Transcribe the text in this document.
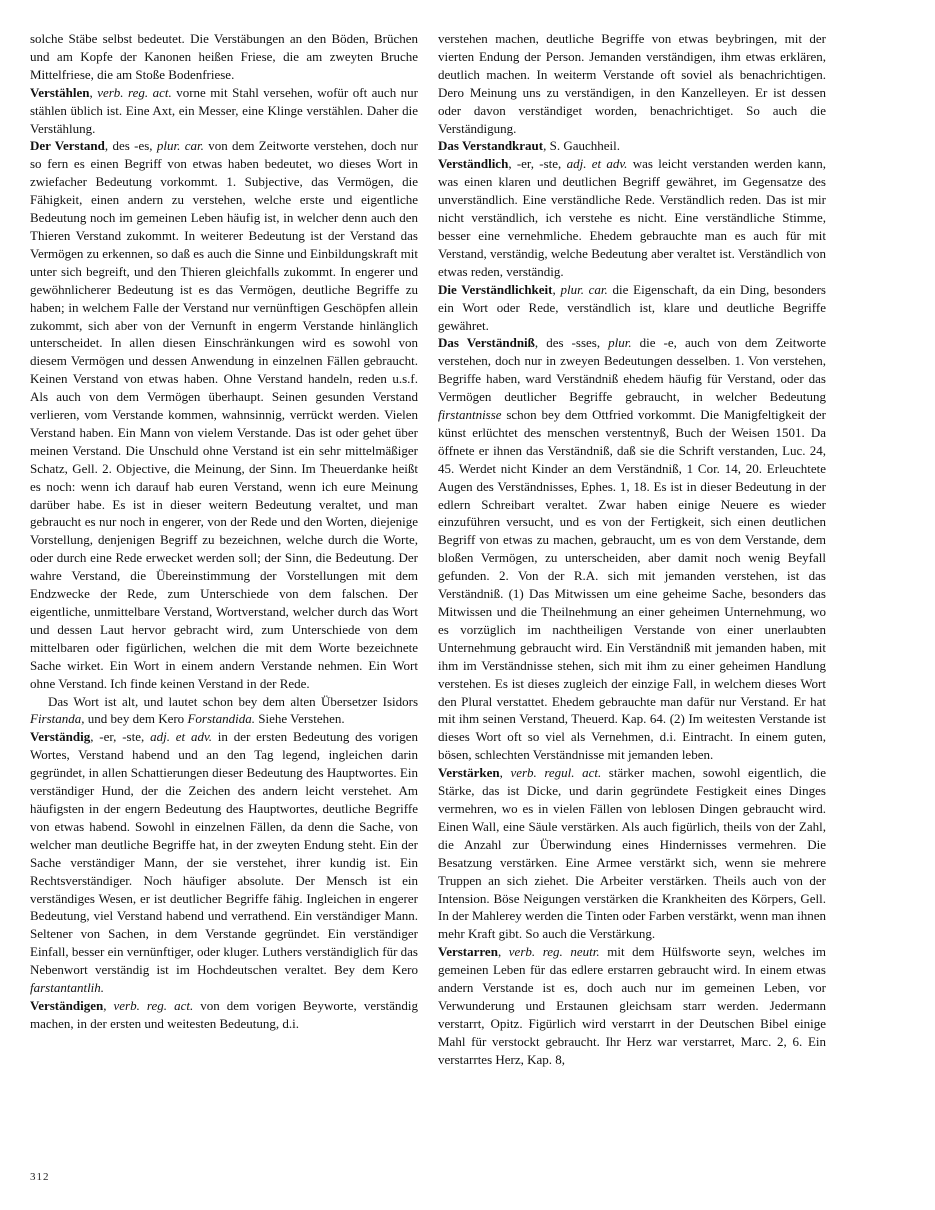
solche Stäbe selbst bedeutet. Die Verstäbungen an den Böden, Brüchen und am Kopfe der Kanonen heißen Friese, die am zweyten Bruche Mittelfriese, die am Stoße Bodenfriese.

Verstählen, verb. reg. act. vorne mit Stahl versehen, wofür oft auch nur stählen üblich ist. Eine Axt, ein Messer, eine Klinge verstählen. Daher die Verstählung.

Der Verstand, des -es, plur. car. von dem Zeitworte verstehen, doch nur so fern es einen Begriff von etwas haben bedeutet, wo dieses Wort in zwiefacher Bedeutung vorkommt. 1. Subjective, das Vermögen, die Fähigkeit, einen andern zu verstehen, welche erste und eigentliche Bedeutung noch im gemeinen Leben häufig ist, in welcher denn auch den Thieren Verstand zukommt. In weiterer Bedeutung ist der Verstand das Vermögen zu erkennen, so daß es auch die Sinne und Einbildungskraft mit unter sich begreift, und den Thieren gleichfalls zukommt. In engerer und gewöhnlicherer Bedeutung ist es das Vermögen, deutliche Begriffe zu haben; in welchem Falle der Verstand nur vernünftigen Geschöpfen allein zukommt, sich aber von der Vernunft in engerm Verstande hinlänglich unterscheidet. In allen diesen Einschränkungen wird es sowohl von diesem Vermögen und dessen Anwendung in einzelnen Fällen gebraucht. Keinen Verstand von etwas haben. Ohne Verstand handeln, reden u.s.f. Als auch von dem Vermögen überhaupt. Seinen gesunden Verstand verlieren, vom Verstande kommen, wahnsinnig, verrückt werden. Vielen Verstand haben. Ein Mann von vielem Verstande. Das ist oder gehet über meinen Verstand. Die Unschuld ohne Verstand ist ein sehr mittelmäßiger Schatz, Gell. 2. Objective, die Meinung, der Sinn. Im Theuerdanke heißt es noch: wenn ich darauf hab euren Verstand, wenn ich eure Meinung darüber habe. Es ist in dieser weitern Bedeutung veraltet, und man gebraucht es nur noch in engerer, von der Rede und den Worten, diejenige Vorstellung, denjenigen Begriff zu bezeichnen, welche durch die Worte, oder durch eine Rede erwecket werden soll; der Sinn, die Bedeutung. Der wahre Verstand, die Übereinstimmung der Vorstellungen mit dem Endzwecke der Rede, zum Unterschiede von dem falschen. Der eigentliche, unmittelbare Verstand, Wortverstand, welcher durch das Wort und dessen Laut hervor gebracht wird, zum Unterschiede von dem mittelbaren oder figürlichen, welchen die mit dem Worte bezeichnete Sache wirket. Ein Wort in einem andern Verstande nehmen. Ein Wort ohne Verstand. Ich finde keinen Verstand in der Rede.

Das Wort ist alt, und lautet schon bey dem alten Übersetzer Isidors Firstanda, und bey dem Kero Forstandida. Siehe Verstehen.

Verständig, -er, -ste, adj. et adv. in der ersten Bedeutung des vorigen Wortes, Verstand habend und an den Tag legend, ingleichen darin gegründet, in allen Schattierungen dieser Bedeutung des Hauptwortes. Ein verständiger Hund, der die Zeichen des andern leicht verstehet. Am häufigsten in der engern Bedeutung des Hauptwortes, deutliche Begriffe von etwas habend. Sowohl in einzelnen Fällen, da denn die Sache, von welcher man deutliche Begriffe hat, in der zweyten Endung steht. Ein der Sache verständiger Mann, der sie verstehet, ihrer kundig ist. Ein Rechtsverständiger. Noch häufiger absolute. Der Mensch ist ein verständiges Wesen, er ist deutlicher Begriffe fähig. Ingleichen in engerer Bedeutung, viel Verstand habend und verrathend. Ein verständiger Mann. Seltener von Sachen, in dem Verstande gegründet. Ein verständiger Einfall, besser ein vernünftiger, oder kluger. Luthers verständiglich für das Nebenwort verständig ist im Hochdeutschen veraltet. Bey dem Kero farstantantlih.

Verständigen, verb. reg. act. von dem vorigen Beyworte, verständig machen, in der ersten und weitesten Bedeutung, d.i.

verstehen machen, deutliche Begriffe von etwas beybringen, mit der vierten Endung der Person. Jemanden verständigen, ihm etwas erklären, deutlich machen. In weiterm Verstande oft soviel als benachrichtigen. Dero Meinung uns zu verständigen, in den Kanzelleyen. Er ist dessen oder davon verständiget worden, benachrichtiget. So auch die Verständigung.

Das Verstandkraut, S. Gauchheil.

Verständlich, -er, -ste, adj. et adv. was leicht verstanden werden kann, was einen klaren und deutlichen Begriff gewähret, im Gegensatze des unverständlich. Eine verständliche Rede. Verständlich reden. Das ist mir nicht verständlich, ich verstehe es nicht. Eine verständliche Stimme, besser eine vernehmliche. Ehedem gebrauchte man es auch für mit Verstand, verständig, welche Bedeutung aber veraltet ist. Verständlich von etwas reden, verständig.

Die Verständlichkeit, plur. car. die Eigenschaft, da ein Ding, besonders ein Wort oder Rede, verständlich ist, klare und deutliche Begriffe gewähret.

Das Verständniß, des -sses, plur. die -e, auch von dem Zeitworte verstehen, doch nur in zweyen Bedeutungen desselben. 1. Von verstehen, Begriffe haben, ward Verständniß ehedem häufig für Verstand, oder das Vermögen deutlicher Begriffe gebraucht, in welcher Bedeutung firstantnisse schon bey dem Ottfried vorkommt. Die Manigfeltigkeit der künst erlüchtet des menschen verstentnyß, Buch der Weisen 1501. Da öffnete er ihnen das Verständniß, daß sie die Schrift verstanden, Luc. 24, 45. Werdet nicht Kinder an dem Verständniß, 1 Cor. 14, 20. Erleuchtete Augen des Verständnisses, Ephes. 1, 18. Es ist in dieser Bedeutung in der edlern Schreibart veraltet. Zwar haben einige Neuere es wieder einzuführen versucht, und es von der Fertigkeit, sich einen deutlichen Begriff von etwas zu machen, gebraucht, um es von dem Verstande, dem bloßen Vermögen, zu unterscheiden, aber damit noch wenig Beyfall gefunden. 2. Von der R.A. sich mit jemanden verstehen, ist das Verständniß. (1) Das Mitwissen um eine geheime Sache, besonders das Mitwissen und die Theilnehmung an einer geheimen Unternehmung, wo es vorzüglich im nachtheiligen Verstande von einer unerlaubten Unternehmung gebraucht wird. Ein Verständniß mit jemanden haben, mit ihm im Verständnisse stehen, sich mit ihm zu einer geheimen Handlung verstehen. Es ist dieses zugleich der einzige Fall, in welchem dieses Wort den Plural verstattet. Ehedem gebrauchte man dafür nur Verstand. Er hat mit ihm seinen Verstand, Theuerd. Kap. 64. (2) Im weitesten Verstande ist dieses Wort oft so viel als Vernehmen, d.i. Eintracht. In einem guten, bösen, schlechten Verständnisse mit jemanden leben.

Verstärken, verb. regul. act. stärker machen, sowohl eigentlich, die Stärke, das ist Dicke, und darin gegründete Festigkeit eines Dinges vermehren, wo es in vielen Fällen von leblosen Dingen gebraucht wird. Einen Wall, eine Säule verstärken. Als auch figürlich, theils von der Zahl, die Anzahl zur Überwindung eines Hindernisses vermehren. Die Besatzung verstärken. Eine Armee verstärkt sich, wenn sie mehrere Truppen an sich ziehet. Die Arbeiter verstärken. Theils auch von der Intension. Böse Neigungen verstärken die Krankheiten des Körpers, Gell. In der Mahlerey werden die Tinten oder Farben verstärkt, wenn man ihnen mehr Kraft gibt. So auch die Verstärkung.

Verstarren, verb. reg. neutr. mit dem Hülfsworte seyn, welches im gemeinen Leben für das edlere erstarren gebraucht wird. In einem etwas andern Verstande ist es, doch auch nur im gemeinen Leben, vor Verwunderung und Erstaunen gleichsam starr werden. Jedermann verstarrt, Opitz. Figürlich wird verstarrt in der Deutschen Bibel einige Mahl für verstockt gebraucht. Ihr Herz war verstarret, Marc. 2, 6. Ein verstarrtes Herz, Kap. 8,

312
